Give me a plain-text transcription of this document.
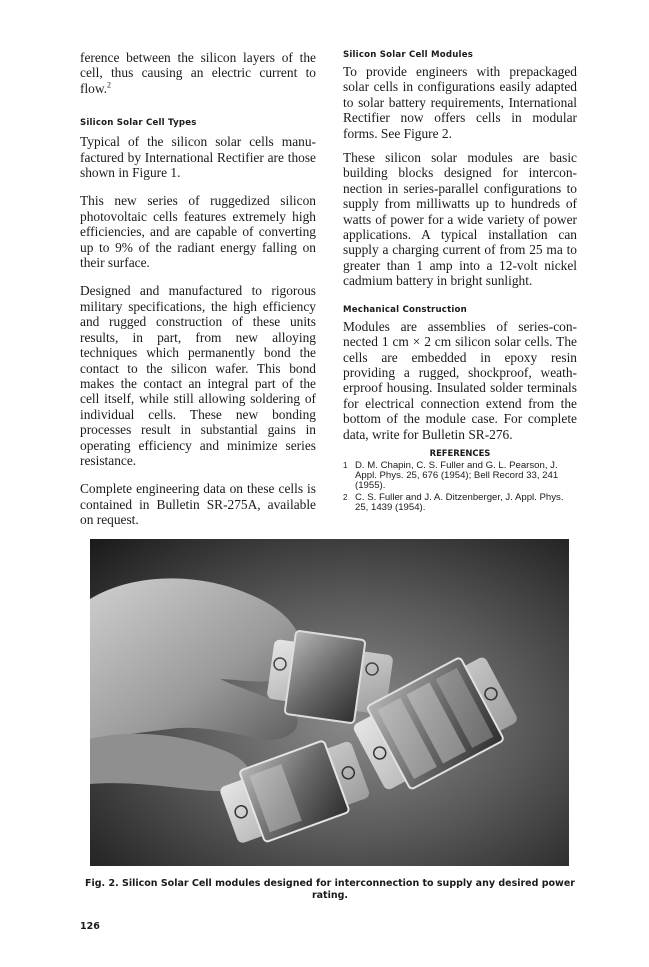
ference between the silicon layers of the cell, thus causing an electric current to flow.$^2$

Silicon Solar Cell Types

Typical of the silicon solar cells manufactured by International Rectifier are those shown in Figure 1.

This new series of ruggedized silicon photovoltaic cells features extremely high efficiencies, and are capable of converting up to 9% of the radiant energy falling on their surface.

Designed and manufactured to rigorous military specifications, the high efficiency and rugged construction of these units results, in part, from new alloying techniques which permanently bond the contact to the silicon wafer. This bond makes the contact an integral part of the cell itself, while still allowing soldering of individual cells. These new bonding processes result in substantial gains in operating efficiency and minimize series resistance.

Complete engineering data on these cells is contained in Bulletin SR-275A, available on request.

Silicon Solar Cell Modules

To provide engineers with prepackaged solar cells in configurations easily adapted to solar battery requirements, International Rectifier now offers cells in modular forms. See Figure 2.

These silicon solar modules are basic building blocks designed for interconnection in series-parallel configurations to supply from milliwatts up to hundreds of watts of power for a wide variety of power applications. A typical installation can supply a charging current of from 25 ma to greater than 1 amp into a 12-volt nickel cadmium battery in bright sunlight.

Mechanical Construction

Modules are assemblies of series-connected 1 cm × 2 cm silicon solar cells. The cells are embedded in epoxy resin providing a rugged, shockproof, weatherproof housing. Insulated solder terminals for electrical connection extend from the bottom of the module case. For complete data, write for Bulletin SR-276.

REFERENCES
1 D. M. Chapin, C. S. Fuller and G. L. Pearson, J. Appl. Phys. 25, 676 (1954); Bell Record 33, 241 (1955).
2 C. S. Fuller and J. A. Ditzenberger, J. Appl. Phys. 25, 1439 (1954).
Fig. 2. Silicon Solar Cell modules designed for interconnection to supply any desired power rating.
126
